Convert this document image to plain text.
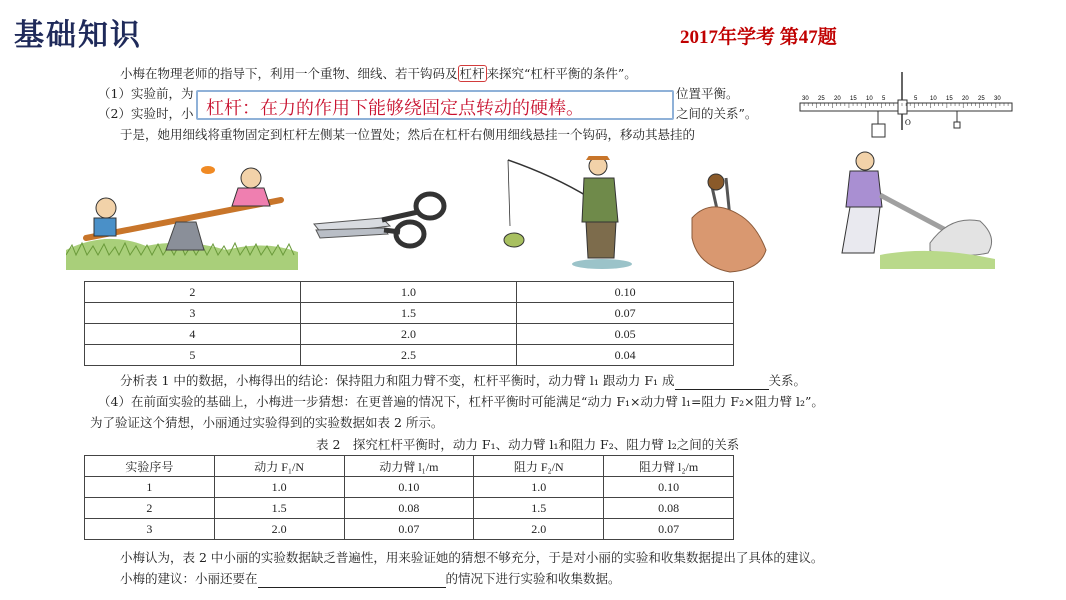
基础知识	2017年学考 第47题
小梅在物理老师的指导下，利用一个重物、细线、若干钩码及 杠杆 来探究“杠杆平衡的条件”。
（1）实验前，为	位置平衡。
（2）实验时，小	之间的关系”。
于是，她用细线将重物固定到杠杆左侧某一位置处；然后在杠杆右侧用细线悬挂一个钩码，移动其悬挂的
杠杆：在力的作用下能够绕固定点转动的硬棒。	30 25 20 15 10 5	5 10 15 20 25 30
O
2	1.0	0.10
3	1.5	0.07
4	2.0	0.05
5	2.5	0.04
分析表 1 中的数据，小梅得出的结论：保持阻力和阻力臂不变，杠杆平衡时，动力臂 l₁ 跟动力 F₁ 成	关系。
（4）在前面实验的基础上，小梅进一步猜想：在更普遍的情况下，杠杆平衡时可能满足“动力 F₁×动力臂 l₁=阻力 F₂×阻力臂 l₂”。
为了验证这个猜想，小丽通过实验得到的实验数据如表 2 所示。
表 2　探究杠杆平衡时，动力 F₁、动力臂 l₁和阻力 F₂、阻力臂 l₂之间的关系
实验序号	动力 F₁/N	动力臂 l₁/m	阻力 F₂/N	阻力臂 l₂/m
1	1.0	0.10	1.0	0.10
2	1.5	0.08	1.5	0.08
3	2.0	0.07	2.0	0.07
小梅认为，表 2 中小丽的实验数据缺乏普遍性，用来验证她的猜想不够充分，于是对小丽的实验和收集数据提出了具体的建议。
小梅的建议：小丽还要在	的情况下进行实验和收集数据。
